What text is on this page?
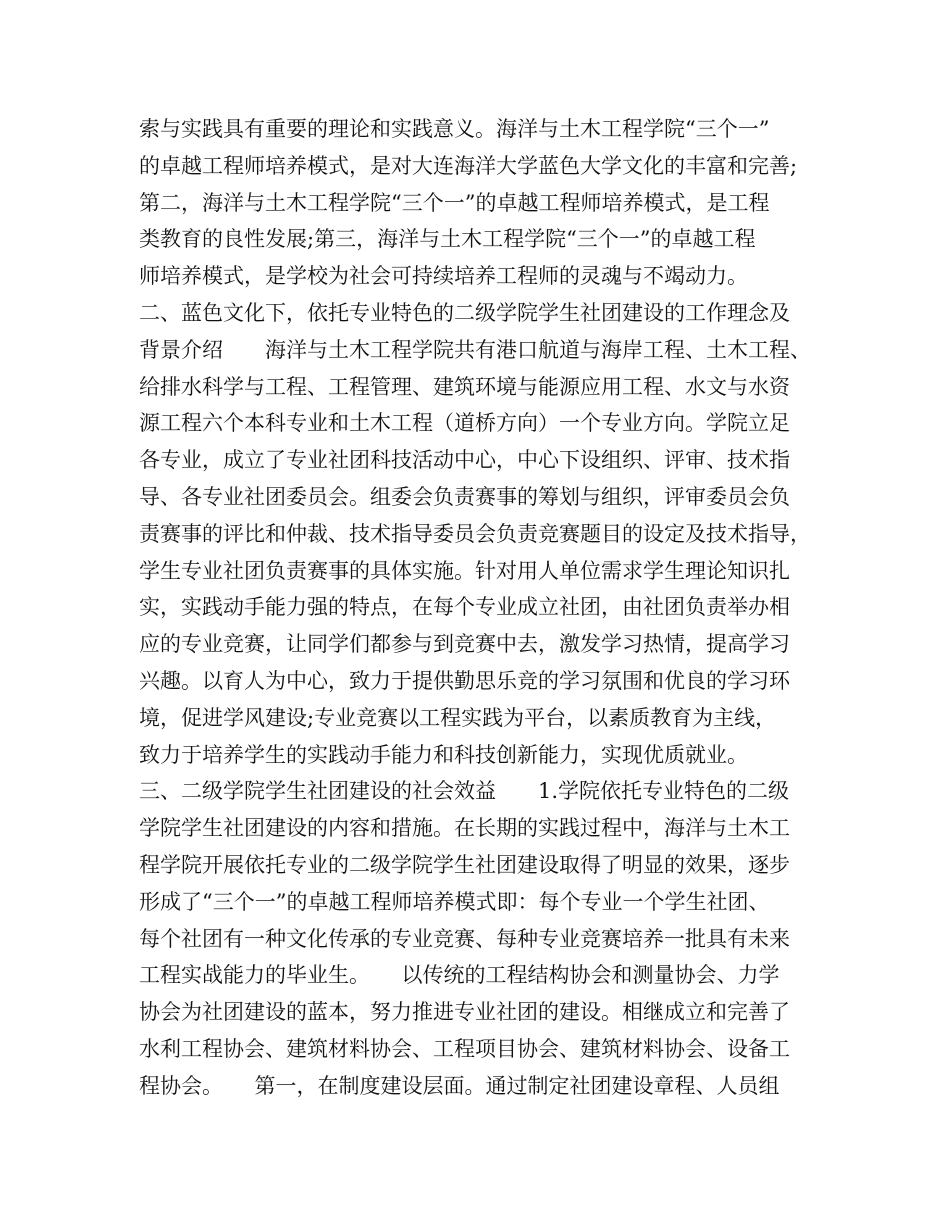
索与实践具有重要的理论和实践意义。海洋与土木工程学院“三个一”
的卓越工程师培养模式，是对大连海洋大学蓝色大学文化的丰富和完善;
第二，海洋与土木工程学院“三个一”的卓越工程师培养模式，是工程
类教育的良性发展;第三，海洋与土木工程学院“三个一”的卓越工程
师培养模式，是学校为社会可持续培养工程师的灵魂与不竭动力。
二、蓝色文化下，依托专业特色的二级学院学生社团建设的工作理念及
背景介绍　　海洋与土木工程学院共有港口航道与海岸工程、土木工程、
给排水科学与工程、工程管理、建筑环境与能源应用工程、水文与水资
源工程六个本科专业和土木工程（道桥方向）一个专业方向。学院立足
各专业，成立了专业社团科技活动中心，中心下设组织、评审、技术指
导、各专业社团委员会。组委会负责赛事的筹划与组织，评审委员会负
责赛事的评比和仲裁、技术指导委员会负责竞赛题目的设定及技术指导，
学生专业社团负责赛事的具体实施。针对用人单位需求学生理论知识扎
实，实践动手能力强的特点，在每个专业成立社团，由社团负责举办相
应的专业竞赛，让同学们都参与到竞赛中去，激发学习热情，提高学习
兴趣。以育人为中心，致力于提供勤思乐竞的学习氛围和优良的学习环
境，促进学风建设;专业竞赛以工程实践为平台，以素质教育为主线，
致力于培养学生的实践动手能力和科技创新能力，实现优质就业。
三、二级学院学生社团建设的社会效益　　1.学院依托专业特色的二级
学院学生社团建设的内容和措施。在长期的实践过程中，海洋与土木工
程学院开展依托专业的二级学院学生社团建设取得了明显的效果，逐步
形成了“三个一”的卓越工程师培养模式即：每个专业一个学生社团、
每个社团有一种文化传承的专业竞赛、每种专业竞赛培养一批具有未来
工程实战能力的毕业生。　　以传统的工程结构协会和测量协会、力学
协会为社团建设的蓝本，努力推进专业社团的建设。相继成立和完善了
水利工程协会、建筑材料协会、工程项目协会、建筑材料协会、设备工
程协会。　　第一，在制度建设层面。通过制定社团建设章程、人员组
